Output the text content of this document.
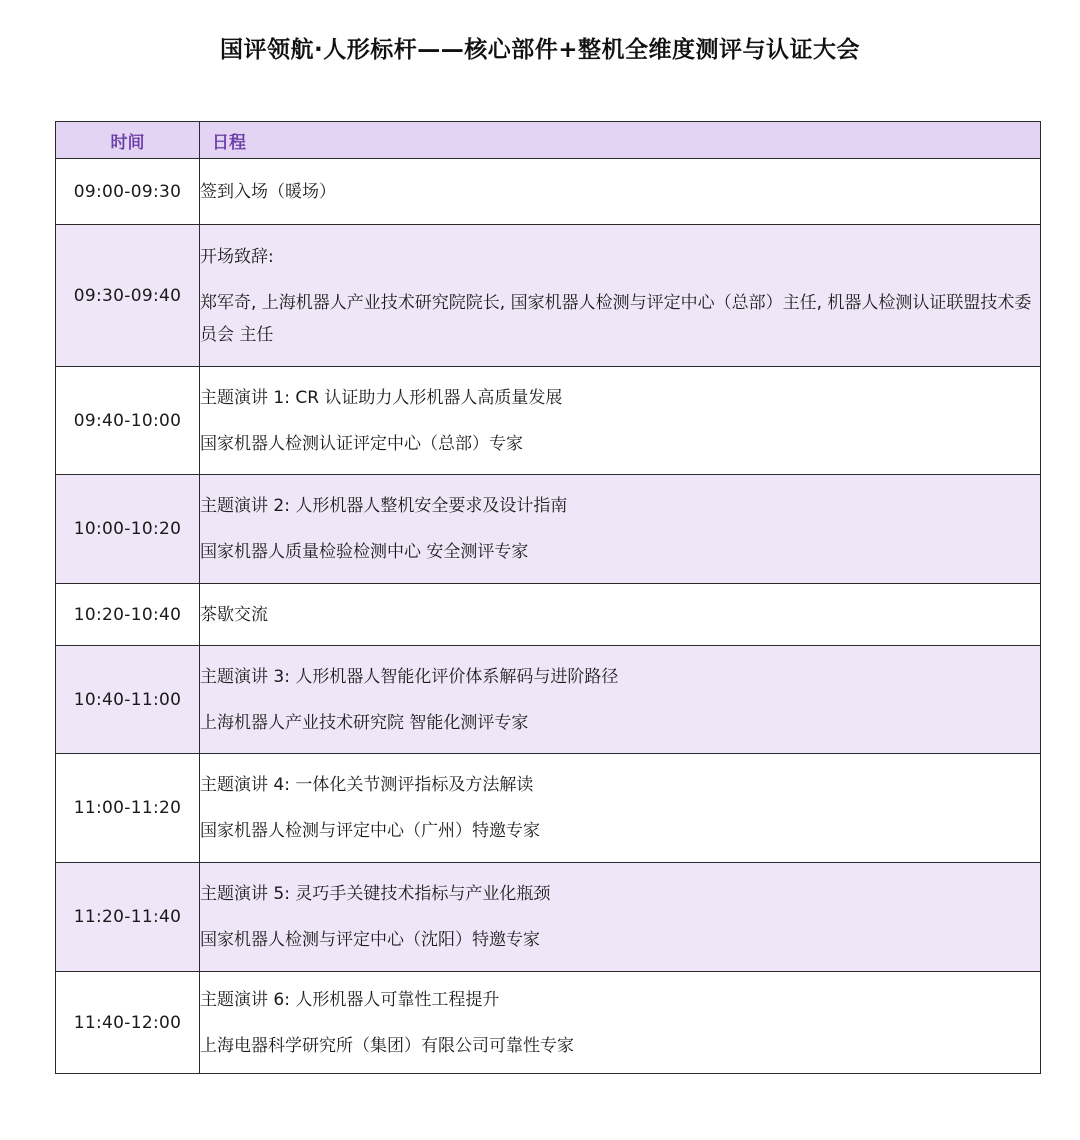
国评领航·人形标杆——核心部件+整机全维度测评与认证大会
时间	日程
09:00-09:30	签到入场（暖场）

09:30-09:40	开场致辞:
郑军奇, 上海机器人产业技术研究院院长, 国家机器人检测与评定中心（总部）主任, 机器人检测认证联盟技术委员会 主任

09:40-10:00	主题演讲 1: CR 认证助力人形机器人高质量发展
国家机器人检测认证评定中心（总部）专家

10:00-10:20	主题演讲 2: 人形机器人整机安全要求及设计指南
国家机器人质量检验检测中心 安全测评专家

10:20-10:40	茶歇交流

10:40-11:00	主题演讲 3: 人形机器人智能化评价体系解码与进阶路径
上海机器人产业技术研究院 智能化测评专家

11:00-11:20	主题演讲 4: 一体化关节测评指标及方法解读
国家机器人检测与评定中心（广州）特邀专家

11:20-11:40	主题演讲 5: 灵巧手关键技术指标与产业化瓶颈
国家机器人检测与评定中心（沈阳）特邀专家

11:40-12:00	主题演讲 6: 人形机器人可靠性工程提升
上海电器科学研究所（集团）有限公司可靠性专家
